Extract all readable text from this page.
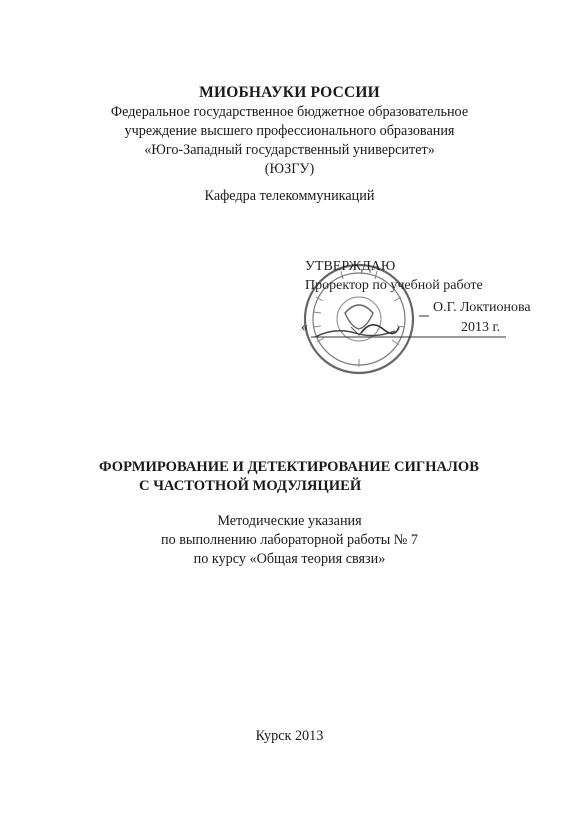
МИОБНАУКИ РОССИИ
Федеральное государственное бюджетное образовательное
учреждение высшего профессионального образования
«Юго-Западный государственный университет»
(ЮЗГУ)
Кафедра телекоммуникаций
УТВЕРЖДАЮ
Проректор по учебной работе
О.Г. Локтионова
«	2013 г.
ФОРМИРОВАНИЕ И ДЕТЕКТИРОВАНИЕ СИГНАЛОВ
С ЧАСТОТНОЙ МОДУЛЯЦИЕЙ
Методические указания
по выполнению лабораторной работы № 7
по курсу «Общая теория связи»
Курск 2013
